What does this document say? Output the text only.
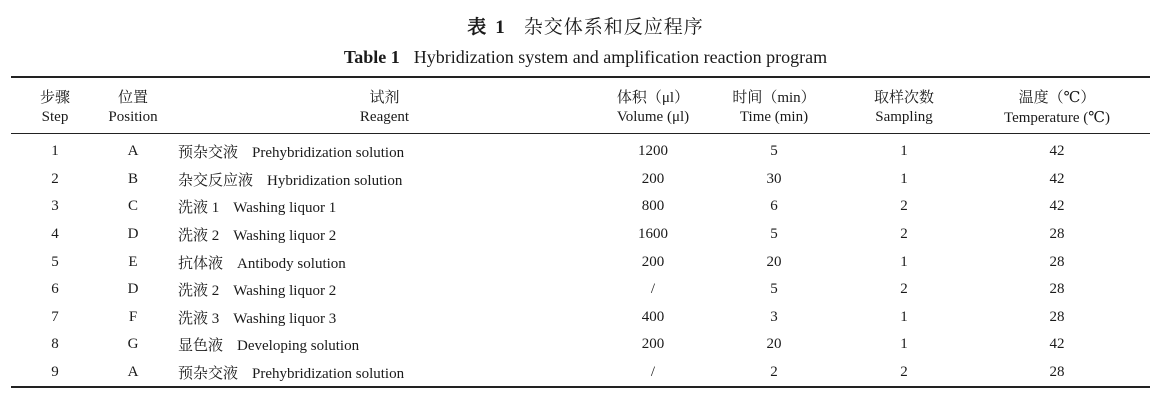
表 1 杂交体系和反应程序
Table 1 Hybridization system and amplification reaction program
步骤	位置	试剂	体积（μl）	时间（min）	取样次数	温度（℃）
Step	Position	Reagent	Volume (μl)	Time (min)	Sampling	Temperature (℃)
1	A	预杂交液 Prehybridization solution	1200	5	1	42
2	B	杂交反应液 Hybridization solution	200	30	1	42
3	C	洗液 1 Washing liquor 1	800	6	2	42
4	D	洗液 2 Washing liquor 2	1600	5	2	28
5	E	抗体液 Antibody solution	200	20	1	28
6	D	洗液 2 Washing liquor 2	/	5	2	28
7	F	洗液 3 Washing liquor 3	400	3	1	28
8	G	显色液 Developing solution	200	20	1	42
9	A	预杂交液 Prehybridization solution	/	2	2	28
